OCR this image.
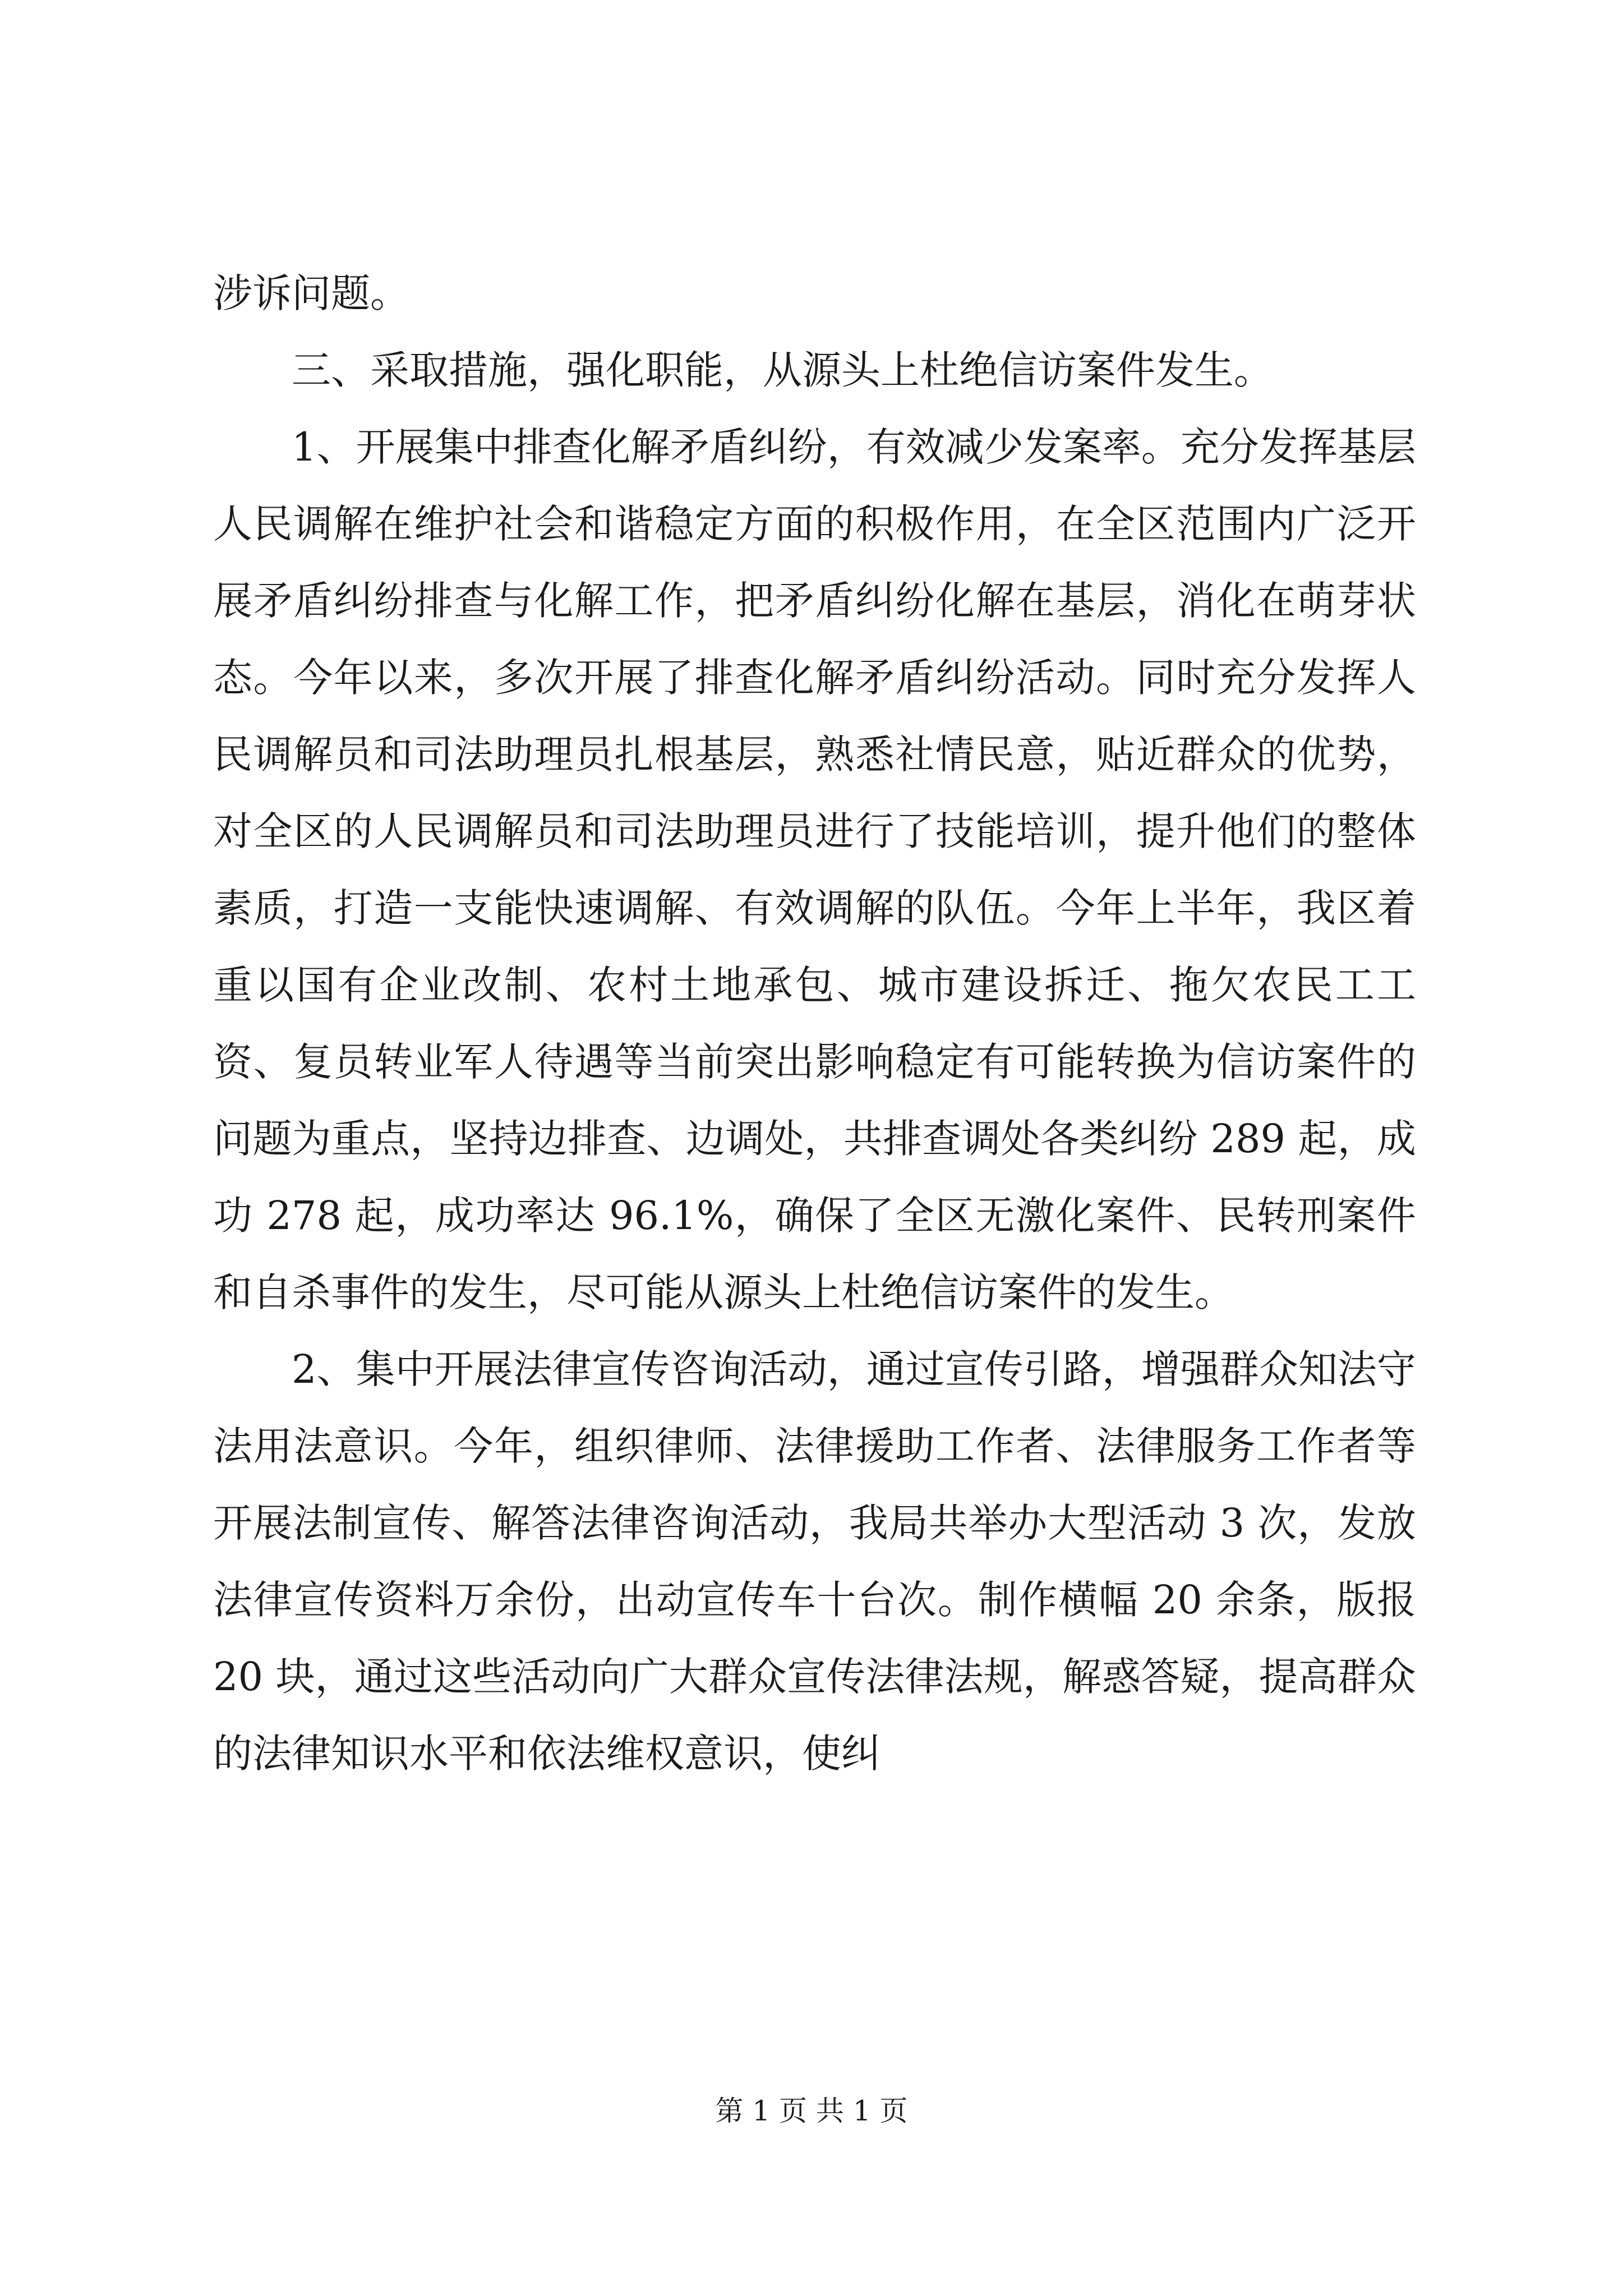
涉诉问题。

三、采取措施，强化职能，从源头上杜绝信访案件发生。

1、开展集中排查化解矛盾纠纷，有效减少发案率。充分发挥基层人民调解在维护社会和谐稳定方面的积极作用，在全区范围内广泛开展矛盾纠纷排查与化解工作，把矛盾纠纷化解在基层，消化在萌芽状态。今年以来，多次开展了排查化解矛盾纠纷活动。同时充分发挥人民调解员和司法助理员扎根基层，熟悉社情民意，贴近群众的优势，对全区的人民调解员和司法助理员进行了技能培训，提升他们的整体素质，打造一支能快速调解、有效调解的队伍。今年上半年，我区着重以国有企业改制、农村土地承包、城市建设拆迁、拖欠农民工工资、复员转业军人待遇等当前突出影响稳定有可能转换为信访案件的问题为重点，坚持边排查、边调处，共排查调处各类纠纷 289 起，成功 278 起，成功率达 96.1%，确保了全区无激化案件、民转刑案件和自杀事件的发生，尽可能从源头上杜绝信访案件的发生。

2、集中开展法律宣传咨询活动，通过宣传引路，增强群众知法守法用法意识。今年，组织律师、法律援助工作者、法律服务工作者等开展法制宣传、解答法律咨询活动，我局共举办大型活动 3 次，发放法律宣传资料万余份，出动宣传车十台次。制作横幅 20 余条，版报 20 块，通过这些活动向广大群众宣传法律法规，解惑答疑，提高群众的法律知识水平和依法维权意识，使纠

第 1 页 共 1 页
